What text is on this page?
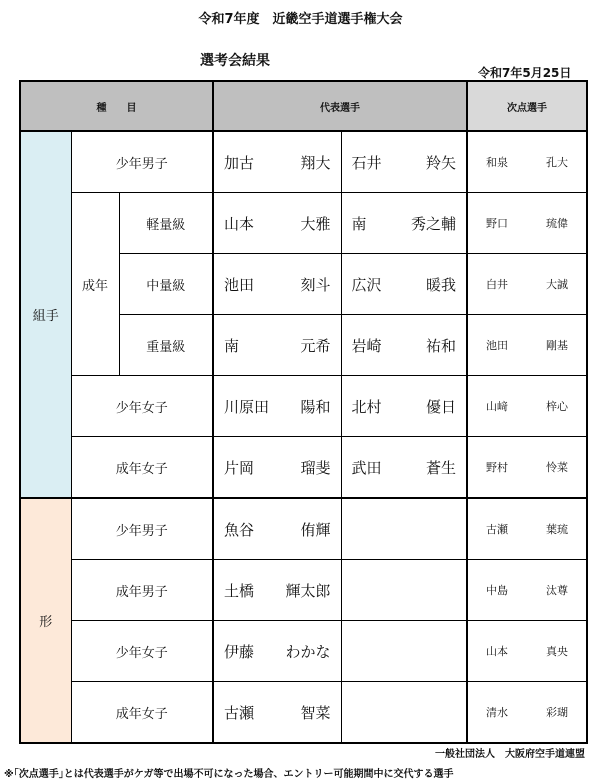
令和7年度　近畿空手道選手権大会
選考会結果
令和7年5月25日
種　　目			代表選手		次点選手
組手	少年男子		加古 翔大	石井 羚矢	和泉 孔大

	成年	軽量級	山本 大雅	南 秀之輔	野口 琉偉

		中量級	池田 刻斗	広沢 暖我	白井 大誠

		重量級	南 元希	岩崎 祐和	池田 剛基

	少年女子		川原田 陽和	北村 優日	山﨑 梓心

	成年女子		片岡 瑠斐	武田 蒼生	野村 怜菜

形	少年男子		魚谷 侑輝		古瀬 葉琉

	成年男子		土橋 輝太郎		中島 汰尊

	少年女子		伊藤 わかな		山本 真央

	成年女子		古瀬 智菜		清水 彩瑚
一般社団法人　大阪府空手道連盟
※｢次点選手｣とは代表選手がケガ等で出場不可になった場合、エントリー可能期間中に交代する選手
